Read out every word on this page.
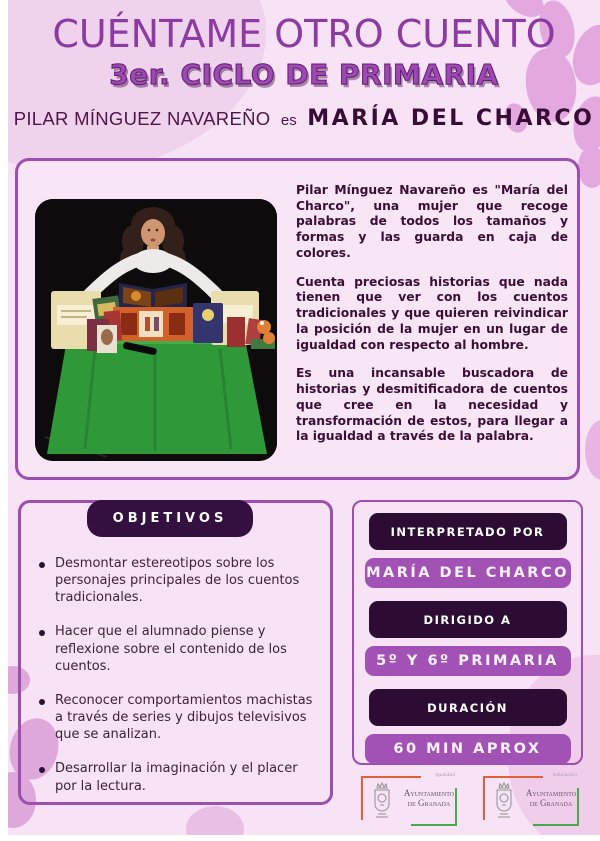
CUÉNTAME OTRO CUENTO
3er. CICLO DE PRIMARIA
PILAR MÍNGUEZ NAVAREÑO es MARÍA DEL CHARCO

Pilar Mínguez Navareño es "María del Charco", una mujer que recoge palabras de todos los tamaños y formas y las guarda en caja de colores.

Cuenta preciosas historias que nada tienen que ver con los cuentos tradicionales y que quieren reivindicar la posición de la mujer en un lugar de igualdad con respecto al hombre.

Es una incansable buscadora de historias y desmitificadora de cuentos que cree en la necesidad y transformación de estos, para llegar a la igualdad a través de la palabra.

OBJETIVOS
Desmontar estereotipos sobre los personajes principales de los cuentos tradicionales.
Hacer que el alumnado piense y reflexione sobre el contenido de los cuentos.
Reconocer comportamientos machistas a través de series y dibujos televisivos que se analizan.
Desarrollar la imaginación y el placer por la lectura.
INTERPRETADO POR
MARÍA DEL CHARCO
DIRIGIDO A
5º Y 6º PRIMARIA
DURACIÓN
60 MIN APROX
Igualdad
Ayuntamiento
de Granada
Educación
Ayuntamiento
de Granada
